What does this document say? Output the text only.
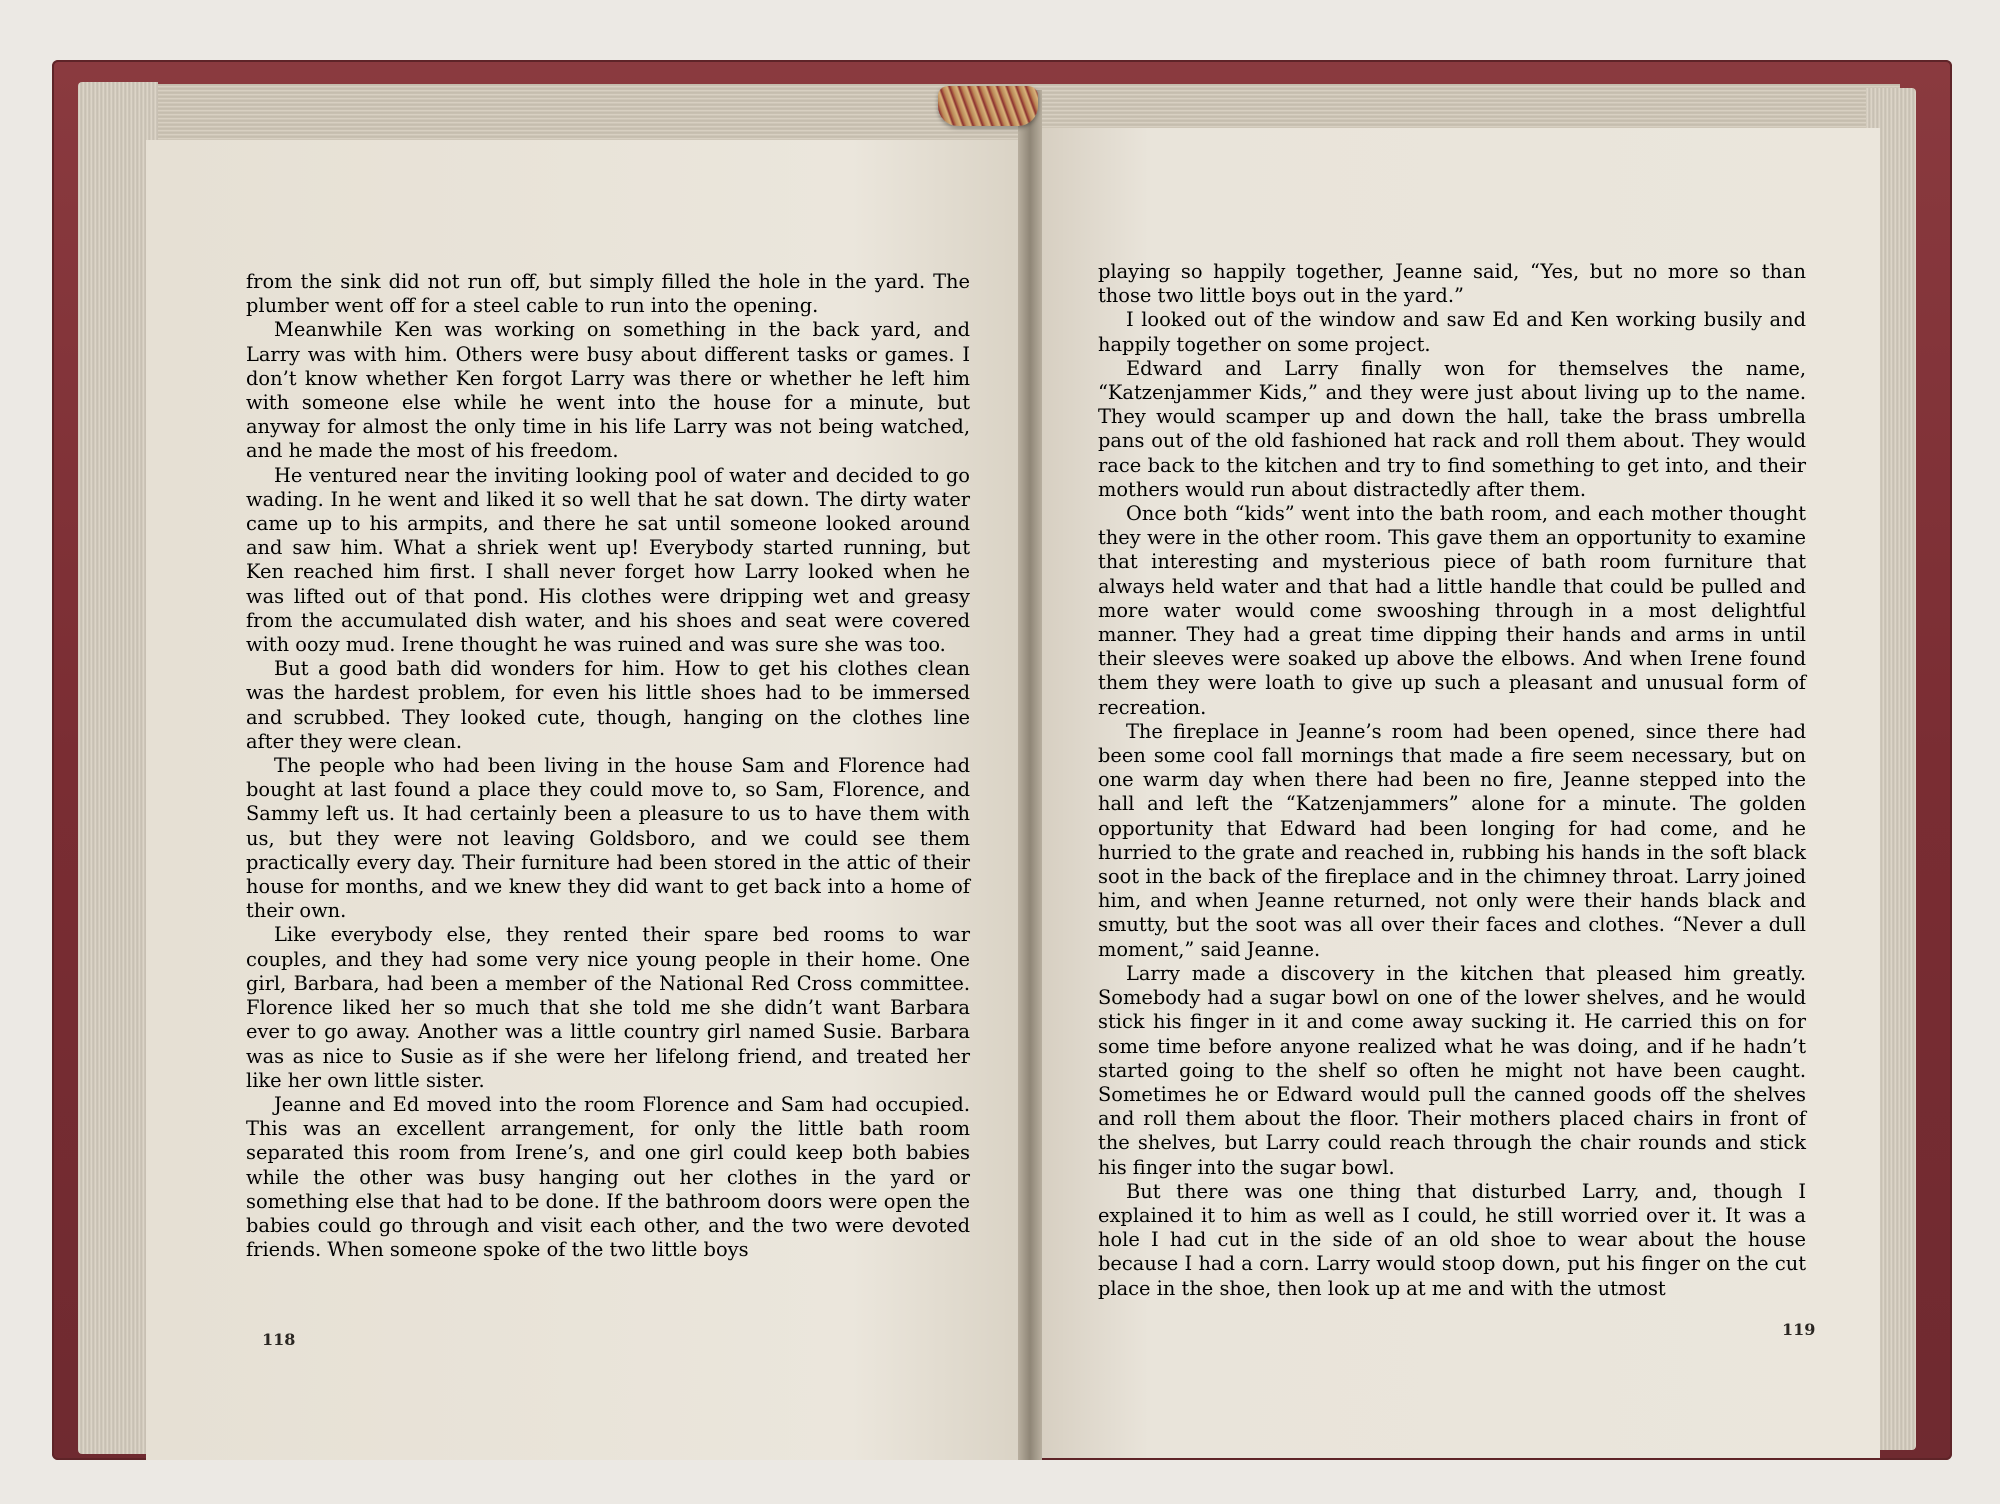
from the sink did not run off, but simply filled the hole in the yard. The plumber went off for a steel cable to run into the opening.

Meanwhile Ken was working on something in the back yard, and Larry was with him. Others were busy about different tasks or games. I don’t know whether Ken forgot Larry was there or whether he left him with someone else while he went into the house for a minute, but anyway for almost the only time in his life Larry was not being watched, and he made the most of his freedom.

He ventured near the inviting looking pool of water and decided to go wading. In he went and liked it so well that he sat down. The dirty water came up to his armpits, and there he sat until someone looked around and saw him. What a shriek went up! Everybody started running, but Ken reached him first. I shall never forget how Larry looked when he was lifted out of that pond. His clothes were dripping wet and greasy from the accumulated dish water, and his shoes and seat were covered with oozy mud. Irene thought he was ruined and was sure she was too.

But a good bath did wonders for him. How to get his clothes clean was the hardest problem, for even his little shoes had to be immersed and scrubbed. They looked cute, though, hanging on the clothes line after they were clean.

The people who had been living in the house Sam and Florence had bought at last found a place they could move to, so Sam, Florence, and Sammy left us. It had certainly been a pleasure to us to have them with us, but they were not leaving Goldsboro, and we could see them practically every day. Their furniture had been stored in the attic of their house for months, and we knew they did want to get back into a home of their own.

Like everybody else, they rented their spare bed rooms to war couples, and they had some very nice young people in their home. One girl, Barbara, had been a member of the National Red Cross committee. Florence liked her so much that she told me she didn’t want Barbara ever to go away. Another was a little country girl named Susie. Barbara was as nice to Susie as if she were her lifelong friend, and treated her like her own little sister.

Jeanne and Ed moved into the room Florence and Sam had occupied. This was an excellent arrangement, for only the little bath room separated this room from Irene’s, and one girl could keep both babies while the other was busy hanging out her clothes in the yard or something else that had to be done. If the bathroom doors were open the babies could go through and visit each other, and the two were devoted friends. When someone spoke of the two little boys

118

playing so happily together, Jeanne said, “Yes, but no more so than those two little boys out in the yard.”

I looked out of the window and saw Ed and Ken working busily and happily together on some project.

Edward and Larry finally won for themselves the name, “Katzenjammer Kids,” and they were just about living up to the name. They would scamper up and down the hall, take the brass umbrella pans out of the old fashioned hat rack and roll them about. They would race back to the kitchen and try to find something to get into, and their mothers would run about distractedly after them.

Once both “kids” went into the bath room, and each mother thought they were in the other room. This gave them an opportunity to examine that interesting and mysterious piece of bath room furniture that always held water and that had a little handle that could be pulled and more water would come swooshing through in a most delightful manner. They had a great time dipping their hands and arms in until their sleeves were soaked up above the elbows. And when Irene found them they were loath to give up such a pleasant and unusual form of recreation.

The fireplace in Jeanne’s room had been opened, since there had been some cool fall mornings that made a fire seem necessary, but on one warm day when there had been no fire, Jeanne stepped into the hall and left the “Katzenjammers” alone for a minute. The golden opportunity that Edward had been longing for had come, and he hurried to the grate and reached in, rubbing his hands in the soft black soot in the back of the fireplace and in the chimney throat. Larry joined him, and when Jeanne returned, not only were their hands black and smutty, but the soot was all over their faces and clothes. “Never a dull moment,” said Jeanne.

Larry made a discovery in the kitchen that pleased him greatly. Somebody had a sugar bowl on one of the lower shelves, and he would stick his finger in it and come away sucking it. He carried this on for some time before anyone realized what he was doing, and if he hadn’t started going to the shelf so often he might not have been caught. Sometimes he or Edward would pull the canned goods off the shelves and roll them about the floor. Their mothers placed chairs in front of the shelves, but Larry could reach through the chair rounds and stick his finger into the sugar bowl.

But there was one thing that disturbed Larry, and, though I explained it to him as well as I could, he still worried over it. It was a hole I had cut in the side of an old shoe to wear about the house because I had a corn. Larry would stoop down, put his finger on the cut place in the shoe, then look up at me and with the utmost

119
